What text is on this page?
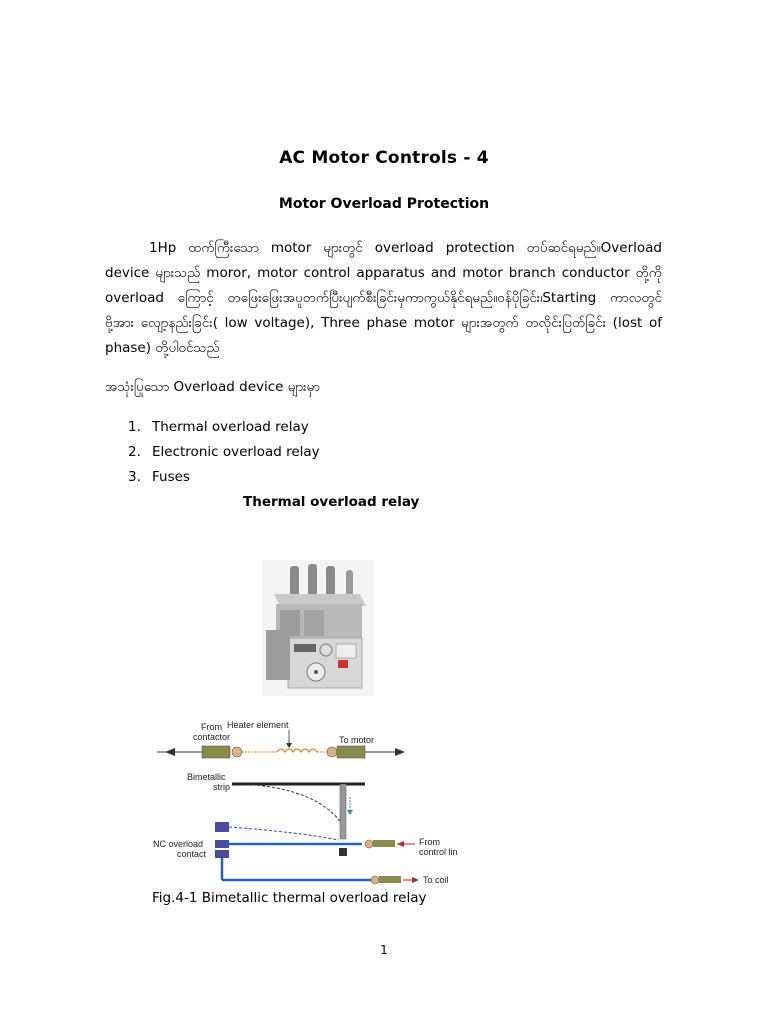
AC Motor Controls - 4
Motor Overload Protection
1Hp ထက်ကြီးသော motor များတွင် overload protection တပ်ဆင်ရမည်။Overload device များသည် moror, motor control apparatus and motor branch conductor တို့ကို overload ကြောင့် တဖြေးဖြေးအပူတက်ပြီးပျက်စီးခြင်းမှကာကွယ်နိုင်ရမည်။ဝန်ပိုခြင်း၊Starting ကာလတွင် ဗို့အား လျော့နည်းခြင်း( low voltage), Three phase motor များအတွက် တလိုင်းပြတ်ခြင်း (lost of phase) တို့ပါဝင်သည်
အသုံးပြုသော Overload device များမှာ
1. Thermal overload relay
2. Electronic overload relay
3. Fuses
Thermal overload relay
Heater element
From
contactor	To motor
Bimetallic
strip
NC overload
contact
From
control lin
To coil
Fig.4-1 Bimetallic thermal overload relay
1
